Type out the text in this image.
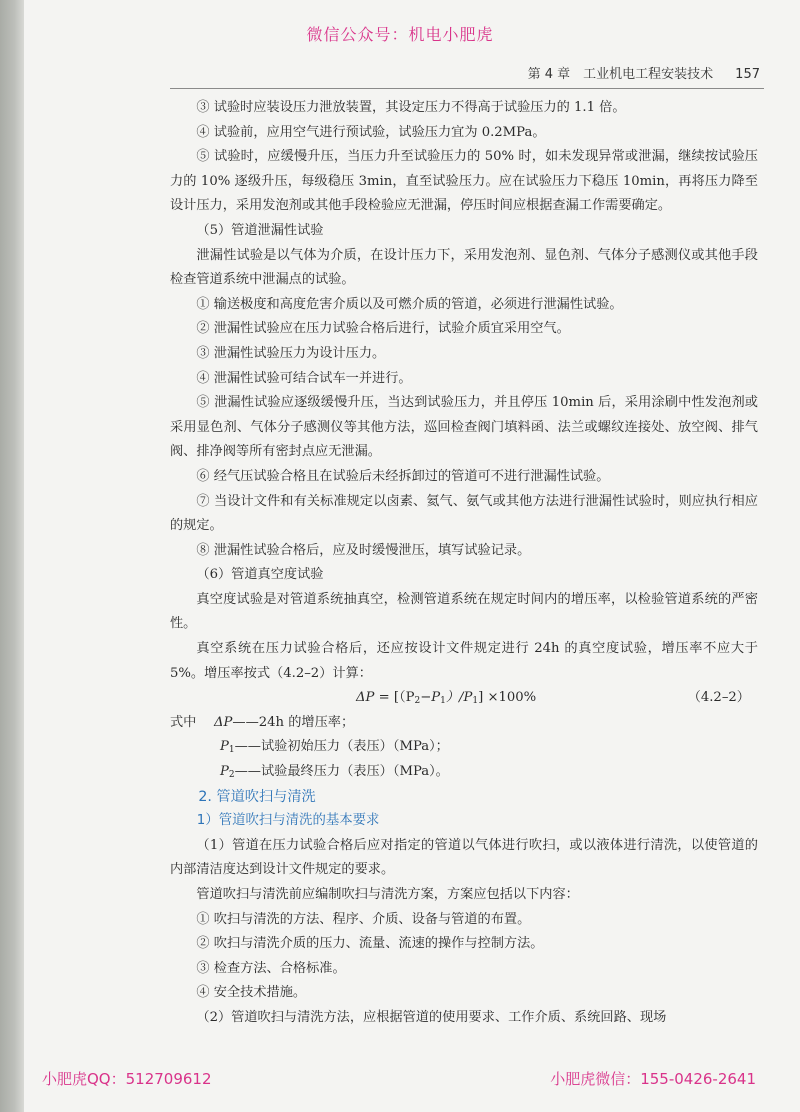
微信公众号：机电小肥虎
第 4 章　工业机电工程安装技术 157

③ 试验时应装设压力泄放装置，其设定压力不得高于试验压力的 1.1 倍。

④ 试验前，应用空气进行预试验，试验压力宜为 0.2MPa。

⑤ 试验时，应缓慢升压，当压力升至试验压力的 50% 时，如未发现异常或泄漏，继续按试验压力的 10% 逐级升压，每级稳压 3min，直至试验压力。应在试验压力下稳压 10min，再将压力降至设计压力，采用发泡剂或其他手段检验应无泄漏，停压时间应根据查漏工作需要确定。

（5）管道泄漏性试验

泄漏性试验是以气体为介质，在设计压力下，采用发泡剂、显色剂、气体分子感测仪或其他手段检查管道系统中泄漏点的试验。

① 输送极度和高度危害介质以及可燃介质的管道，必须进行泄漏性试验。

② 泄漏性试验应在压力试验合格后进行，试验介质宜采用空气。

③ 泄漏性试验压力为设计压力。

④ 泄漏性试验可结合试车一并进行。

⑤ 泄漏性试验应逐级缓慢升压，当达到试验压力，并且停压 10min 后，采用涂刷中性发泡剂或采用显色剂、气体分子感测仪等其他方法，巡回检查阀门填料函、法兰或螺纹连接处、放空阀、排气阀、排净阀等所有密封点应无泄漏。

⑥ 经气压试验合格且在试验后未经拆卸过的管道可不进行泄漏性试验。

⑦ 当设计文件和有关标准规定以卤素、氦气、氨气或其他方法进行泄漏性试验时，则应执行相应的规定。

⑧ 泄漏性试验合格后，应及时缓慢泄压，填写试验记录。

（6）管道真空度试验

真空度试验是对管道系统抽真空，检测管道系统在规定时间内的增压率，以检验管道系统的严密性。

真空系统在压力试验合格后，还应按设计文件规定进行 24h 的真空度试验，增压率不应大于 5%。增压率按式（4.2–2）计算：

$\Delta P = [(P_2-P_1)/P_1] \times 100\%$	（4.2–2）
式中 ΔP——24h 的增压率；
$P_1——$试验初始压力（表压）（MPa）；
$P_2——$试验最终压力（表压）（MPa）。

2. 管道吹扫与清洗

1）管道吹扫与清洗的基本要求

（1）管道在压力试验合格后应对指定的管道以气体进行吹扫，或以液体进行清洗，以使管道的内部清洁度达到设计文件规定的要求。

管道吹扫与清洗前应编制吹扫与清洗方案，方案应包括以下内容：

① 吹扫与清洗的方法、程序、介质、设备与管道的布置。

② 吹扫与清洗介质的压力、流量、流速的操作与控制方法。

③ 检查方法、合格标准。

④ 安全技术措施。

（2）管道吹扫与清洗方法，应根据管道的使用要求、工作介质、系统回路、现场

小肥虎QQ：512709612	小肥虎微信：155-0426-2641
